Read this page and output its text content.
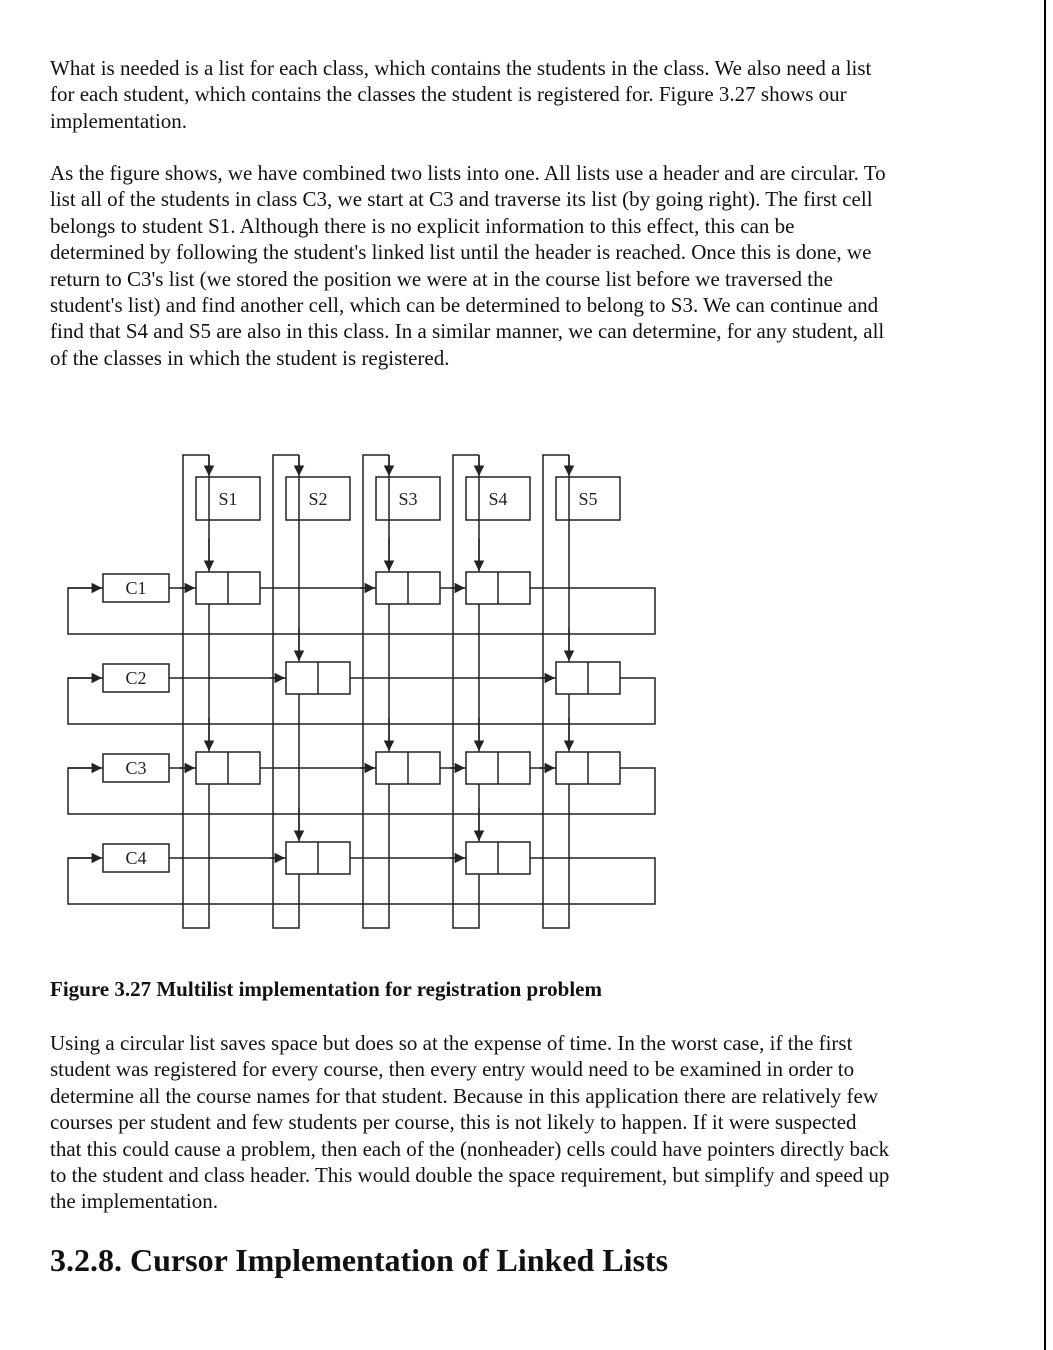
What is needed is a list for each class, which contains the students in the class. We also need a list for each student, which contains the classes the student is registered for. Figure 3.27 shows our implementation.

As the figure shows, we have combined two lists into one. All lists use a header and are circular. To list all of the students in class C3, we start at C3 and traverse its list (by going right). The first cell belongs to student S1. Although there is no explicit information to this effect, this can be determined by following the student's linked list until the header is reached. Once this is done, we return to C3's list (we stored the position we were at in the course list before we traversed the student's list) and find another cell, which can be determined to belong to S3. We can continue and find that S4 and S5 are also in this class. In a similar manner, we can determine, for any student, all of the classes in which the student is registered.

S1	S2	S3	S4	S5
C1
C2
C3
C4

Figure 3.27 Multilist implementation for registration problem

Using a circular list saves space but does so at the expense of time. In the worst case, if the first student was registered for every course, then every entry would need to be examined in order to determine all the course names for that student. Because in this application there are relatively few courses per student and few students per course, this is not likely to happen. If it were suspected that this could cause a problem, then each of the (nonheader) cells could have pointers directly back to the student and class header. This would double the space requirement, but simplify and speed up the implementation.

3.2.8. Cursor Implementation of Linked Lists
